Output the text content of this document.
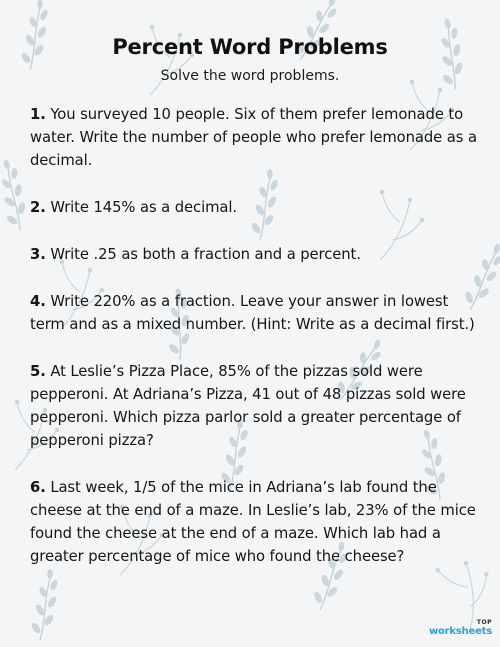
Percent Word Problems
Solve the word problems.
1. You surveyed 10 people. Six of them prefer lemonade to water. Write the number of people who prefer lemonade as a decimal.
2. Write 145% as a decimal.
3. Write .25 as both a fraction and a percent.
4. Write 220% as a fraction. Leave your answer in lowest term and as a mixed number. (Hint: Write as a decimal first.)
5. At Leslie’s Pizza Place, 85% of the pizzas sold were pepperoni. At Adriana’s Pizza, 41 out of 48 pizzas sold were pepperoni. Which pizza parlor sold a greater percentage of pepperoni pizza?
6. Last week, 1/5 of the mice in Adriana’s lab found the cheese at the end of a maze. In Leslie’s lab, 23% of the mice found the cheese at the end of a maze. Which lab had a greater percentage of mice who found the cheese?
TOP
worksheets
